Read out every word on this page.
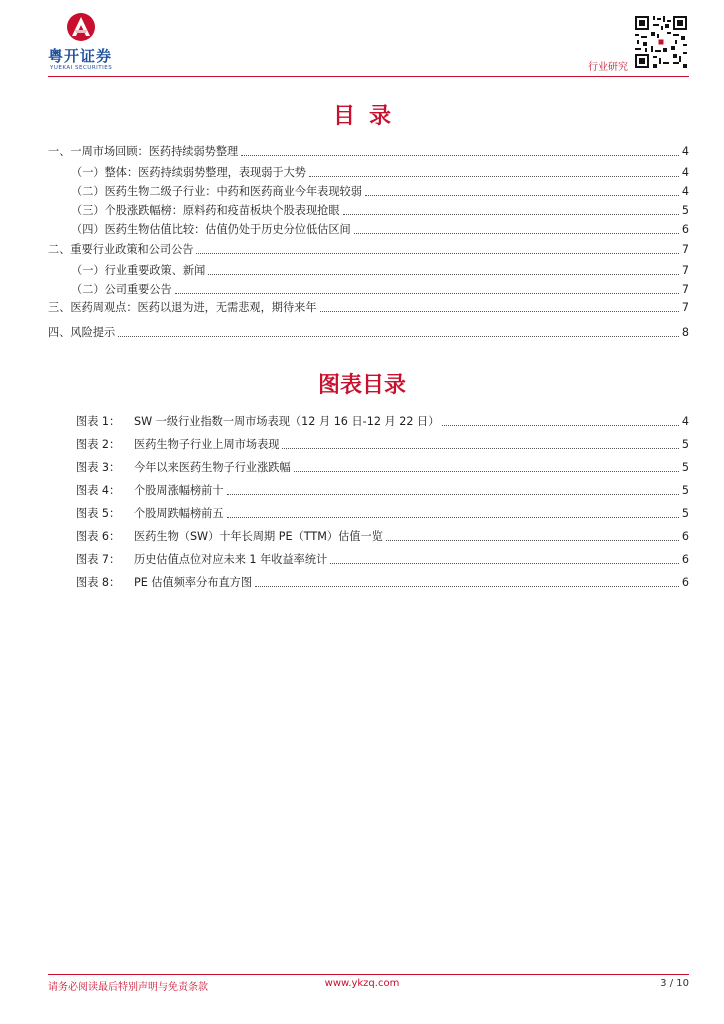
粤开证券
YUEKAI SECURITIES	行业研究
目录
一、一周市场回顾：医药持续弱势整理	4
（一）整体：医药持续弱势整理，表现弱于大势	4
（二）医药生物二级子行业：中药和医药商业今年表现较弱	4
（三）个股涨跌幅榜：原料药和疫苗板块个股表现抢眼	5
（四）医药生物估值比较：估值仍处于历史分位低估区间	6
二、重要行业政策和公司公告	7
（一）行业重要政策、新闻	7
（二）公司重要公告	7
三、医药周观点：医药以退为进，无需悲观，期待来年	7
四、风险提示	8
图表目录
图表 1： SW 一级行业指数一周市场表现（12 月 16 日-12 月 22 日）	4
图表 2： 医药生物子行业上周市场表现	5
图表 3： 今年以来医药生物子行业涨跌幅	5
图表 4： 个股周涨幅榜前十	5
图表 5： 个股周跌幅榜前五	5
图表 6： 医药生物（SW）十年长周期 PE（TTM）估值一览	6
图表 7： 历史估值点位对应未来 1 年收益率统计	6
图表 8： PE 估值频率分布直方图	6
请务必阅读最后特别声明与免责条款	www.ykzq.com	3 / 10
